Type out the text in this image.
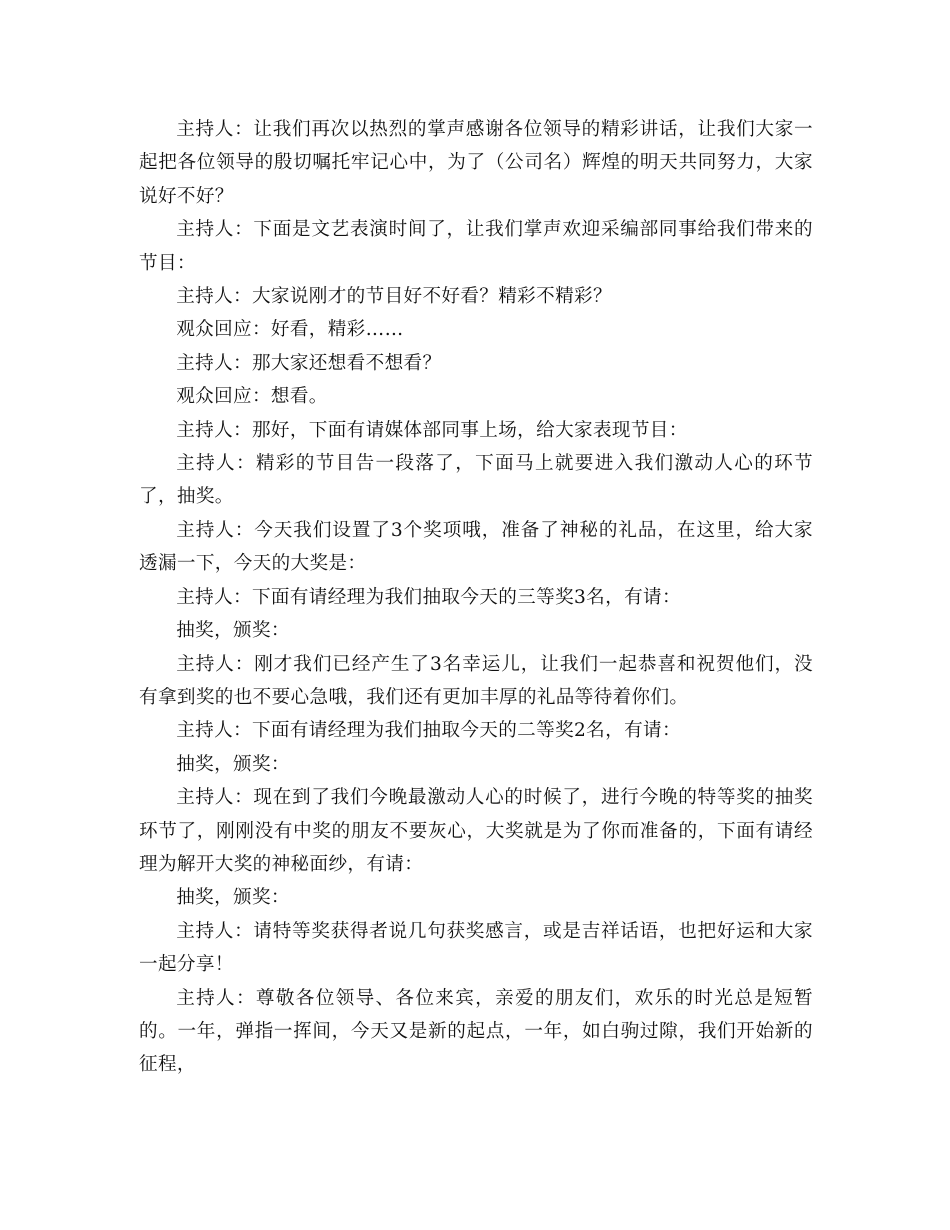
主持人：让我们再次以热烈的掌声感谢各位领导的精彩讲话，让我们大家一起把各位领导的殷切嘱托牢记心中，为了（公司名）辉煌的明天共同努力，大家说好不好？

主持人：下面是文艺表演时间了，让我们掌声欢迎采编部同事给我们带来的节目：

主持人：大家说刚才的节目好不好看？精彩不精彩？

观众回应：好看，精彩……

主持人：那大家还想看不想看？

观众回应：想看。

主持人：那好，下面有请媒体部同事上场，给大家表现节目：

主持人：精彩的节目告一段落了，下面马上就要进入我们激动人心的环节了，抽奖。

主持人：今天我们设置了3个奖项哦，准备了神秘的礼品，在这里，给大家透漏一下，今天的大奖是：

主持人：下面有请经理为我们抽取今天的三等奖3名，有请：

抽奖，颁奖：

主持人：刚才我们已经产生了3名幸运儿，让我们一起恭喜和祝贺他们，没有拿到奖的也不要心急哦，我们还有更加丰厚的礼品等待着你们。

主持人：下面有请经理为我们抽取今天的二等奖2名，有请：

抽奖，颁奖：

主持人：现在到了我们今晚最激动人心的时候了，进行今晚的特等奖的抽奖环节了，刚刚没有中奖的朋友不要灰心，大奖就是为了你而准备的，下面有请经理为解开大奖的神秘面纱，有请：

抽奖，颁奖：

主持人：请特等奖获得者说几句获奖感言，或是吉祥话语，也把好运和大家一起分享！

主持人：尊敬各位领导、各位来宾，亲爱的朋友们，欢乐的时光总是短暂的。一年，弹指一挥间，今天又是新的起点，一年，如白驹过隙，我们开始新的征程，
